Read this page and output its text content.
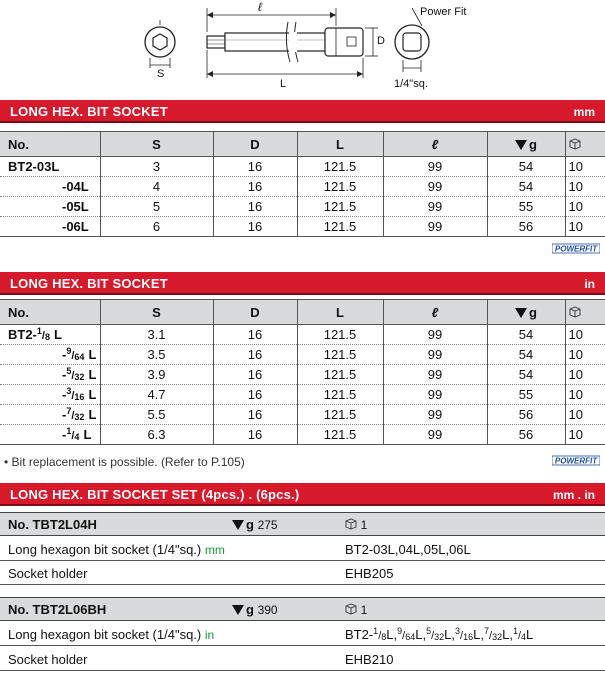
Power Fit
ℓ
D
S
L	1/4"sq.
LONG HEX. BIT SOCKET	mm
No.	S	D	L	ℓ	g	
BT2-03L	3	16	121.5	99	54	10
-04L	4	16	121.5	99	54	10
-05L	5	16	121.5	99	55	10
-06L	6	16	121.5	99	56	10
POWERFIT
LONG HEX. BIT SOCKET	in
No.	S	D	L	ℓ	g	
BT2-1/8 L	3.1	16	121.5	99	54	10
-9/64 L	3.5	16	121.5	99	54	10
-5/32 L	3.9	16	121.5	99	54	10
-3/16 L	4.7	16	121.5	99	55	10
-7/32 L	5.5	16	121.5	99	56	10
-1/4 L	6.3	16	121.5	99	56	10
• Bit replacement is possible. (Refer to P.105)	POWERFIT
LONG HEX. BIT SOCKET SET (4pcs.) . (6pcs.)	mm . in
No. TBT2L04H	g 275	1
Long hexagon bit socket (1/4"sq.) mm	BT2-03L,04L,05L,06L
Socket holder	EHB205
No. TBT2L06BH	g 390	1
Long hexagon bit socket (1/4"sq.) in	BT2-1/8L,9/64L,5/32L,3/16L,7/32L,1/4L
Socket holder	EHB210
